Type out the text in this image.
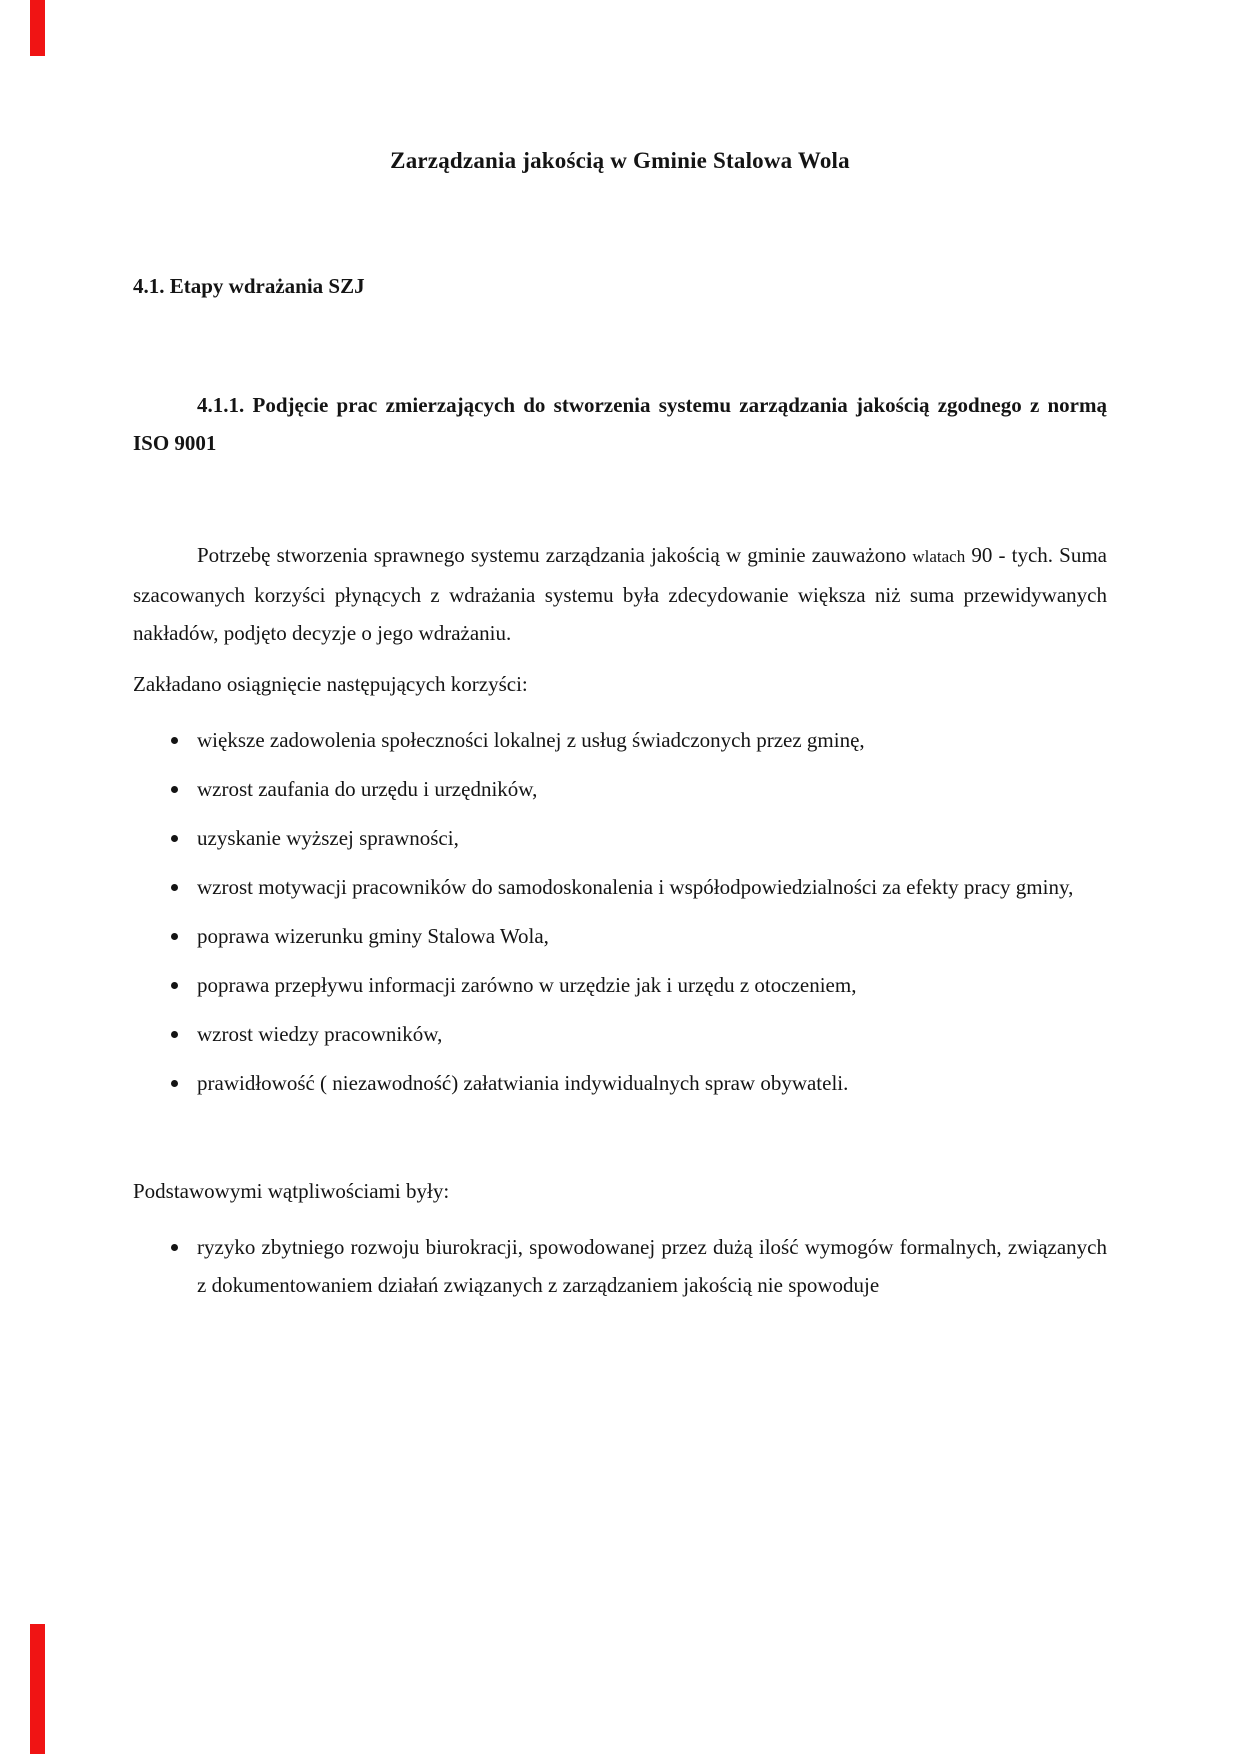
Zarządzania jakością w Gminie Stalowa Wola
4.1. Etapy wdrażania SZJ
4.1.1. Podjęcie prac zmierzających do stworzenia systemu zarządzania jakością zgodnego z normą ISO 9001

Potrzebę stworzenia sprawnego systemu zarządzania jakością w gminie zauważono wlatach 90 - tych. Suma szacowanych korzyści płynących z wdrażania systemu była zdecydowanie większa niż suma przewidywanych nakładów, podjęto decyzje o jego wdrażaniu.

Zakładano osiągnięcie następujących korzyści:

większe zadowolenia społeczności lokalnej z usług świadczonych przez gminę,
wzrost zaufania do urzędu i urzędników,
uzyskanie wyższej sprawności,
wzrost motywacji pracowników do samodoskonalenia i współodpowiedzialności za efekty pracy gminy,
poprawa wizerunku gminy Stalowa Wola,
poprawa przepływu informacji zarówno w urzędzie jak i urzędu z otoczeniem,
wzrost wiedzy pracowników,
prawidłowość ( niezawodność) załatwiania indywidualnych spraw obywateli.

Podstawowymi wątpliwościami były:

ryzyko zbytniego rozwoju biurokracji, spowodowanej przez dużą ilość wymogów formalnych, związanych z dokumentowaniem działań związanych z zarządzaniem jakością nie spowoduje
